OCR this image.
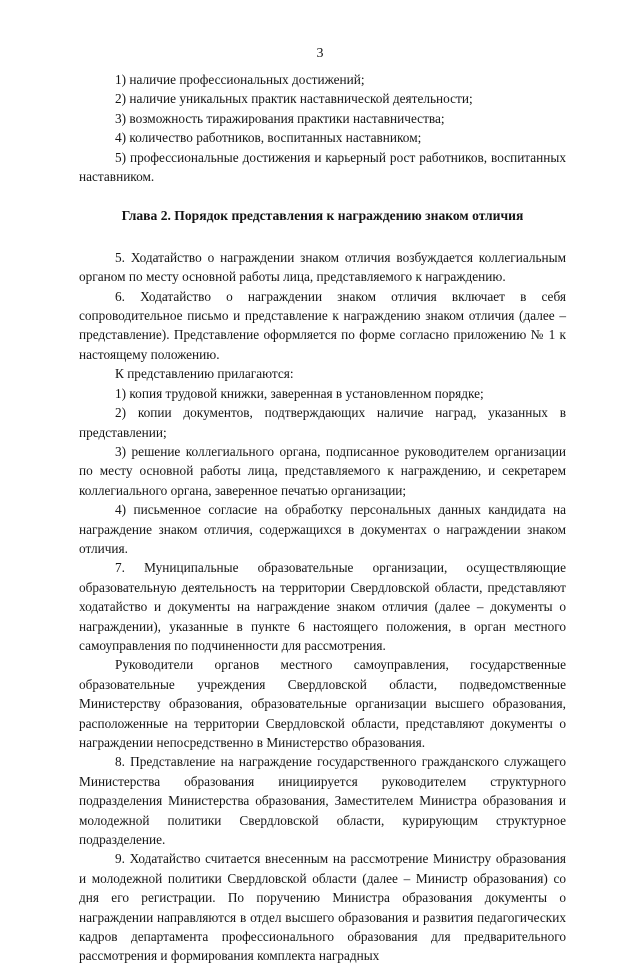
3

1) наличие профессиональных достижений;

2) наличие уникальных практик наставнической деятельности;

3) возможность тиражирования практики наставничества;

4) количество работников, воспитанных наставником;

5) профессиональные достижения и карьерный рост работников, воспитанных наставником.

Глава 2. Порядок представления к награждению знаком отличия

5. Ходатайство о награждении знаком отличия возбуждается коллегиальным органом по месту основной работы лица, представляемого к награждению.

6. Ходатайство о награждении знаком отличия включает в себя сопроводительное письмо и представление к награждению знаком отличия (далее – представление). Представление оформляется по форме согласно приложению № 1 к настоящему положению.

К представлению прилагаются:

1) копия трудовой книжки, заверенная в установленном порядке;

2) копии документов, подтверждающих наличие наград, указанных в представлении;

3) решение коллегиального органа, подписанное руководителем организации по месту основной работы лица, представляемого к награждению, и секретарем коллегиального органа, заверенное печатью организации;

4) письменное согласие на обработку персональных данных кандидата на награждение знаком отличия, содержащихся в документах о награждении знаком отличия.

7. Муниципальные образовательные организации, осуществляющие образовательную деятельность на территории Свердловской области, представляют ходатайство и документы на награждение знаком отличия (далее – документы о награждении), указанные в пункте 6 настоящего положения, в орган местного самоуправления по подчиненности для рассмотрения.

Руководители органов местного самоуправления, государственные образовательные учреждения Свердловской области, подведомственные Министерству образования, образовательные организации высшего образования, расположенные на территории Свердловской области, представляют документы о награждении непосредственно в Министерство образования.

8. Представление на награждение государственного гражданского служащего Министерства образования инициируется руководителем структурного подразделения Министерства образования, Заместителем Министра образования и молодежной политики Свердловской области, курирующим структурное подразделение.

9. Ходатайство считается внесенным на рассмотрение Министру образования и молодежной политики Свердловской области (далее – Министр образования) со дня его регистрации. По поручению Министра образования документы о награждении направляются в отдел высшего образования и развития педагогических кадров департамента профессионального образования для предварительного рассмотрения и формирования комплекта наградных
